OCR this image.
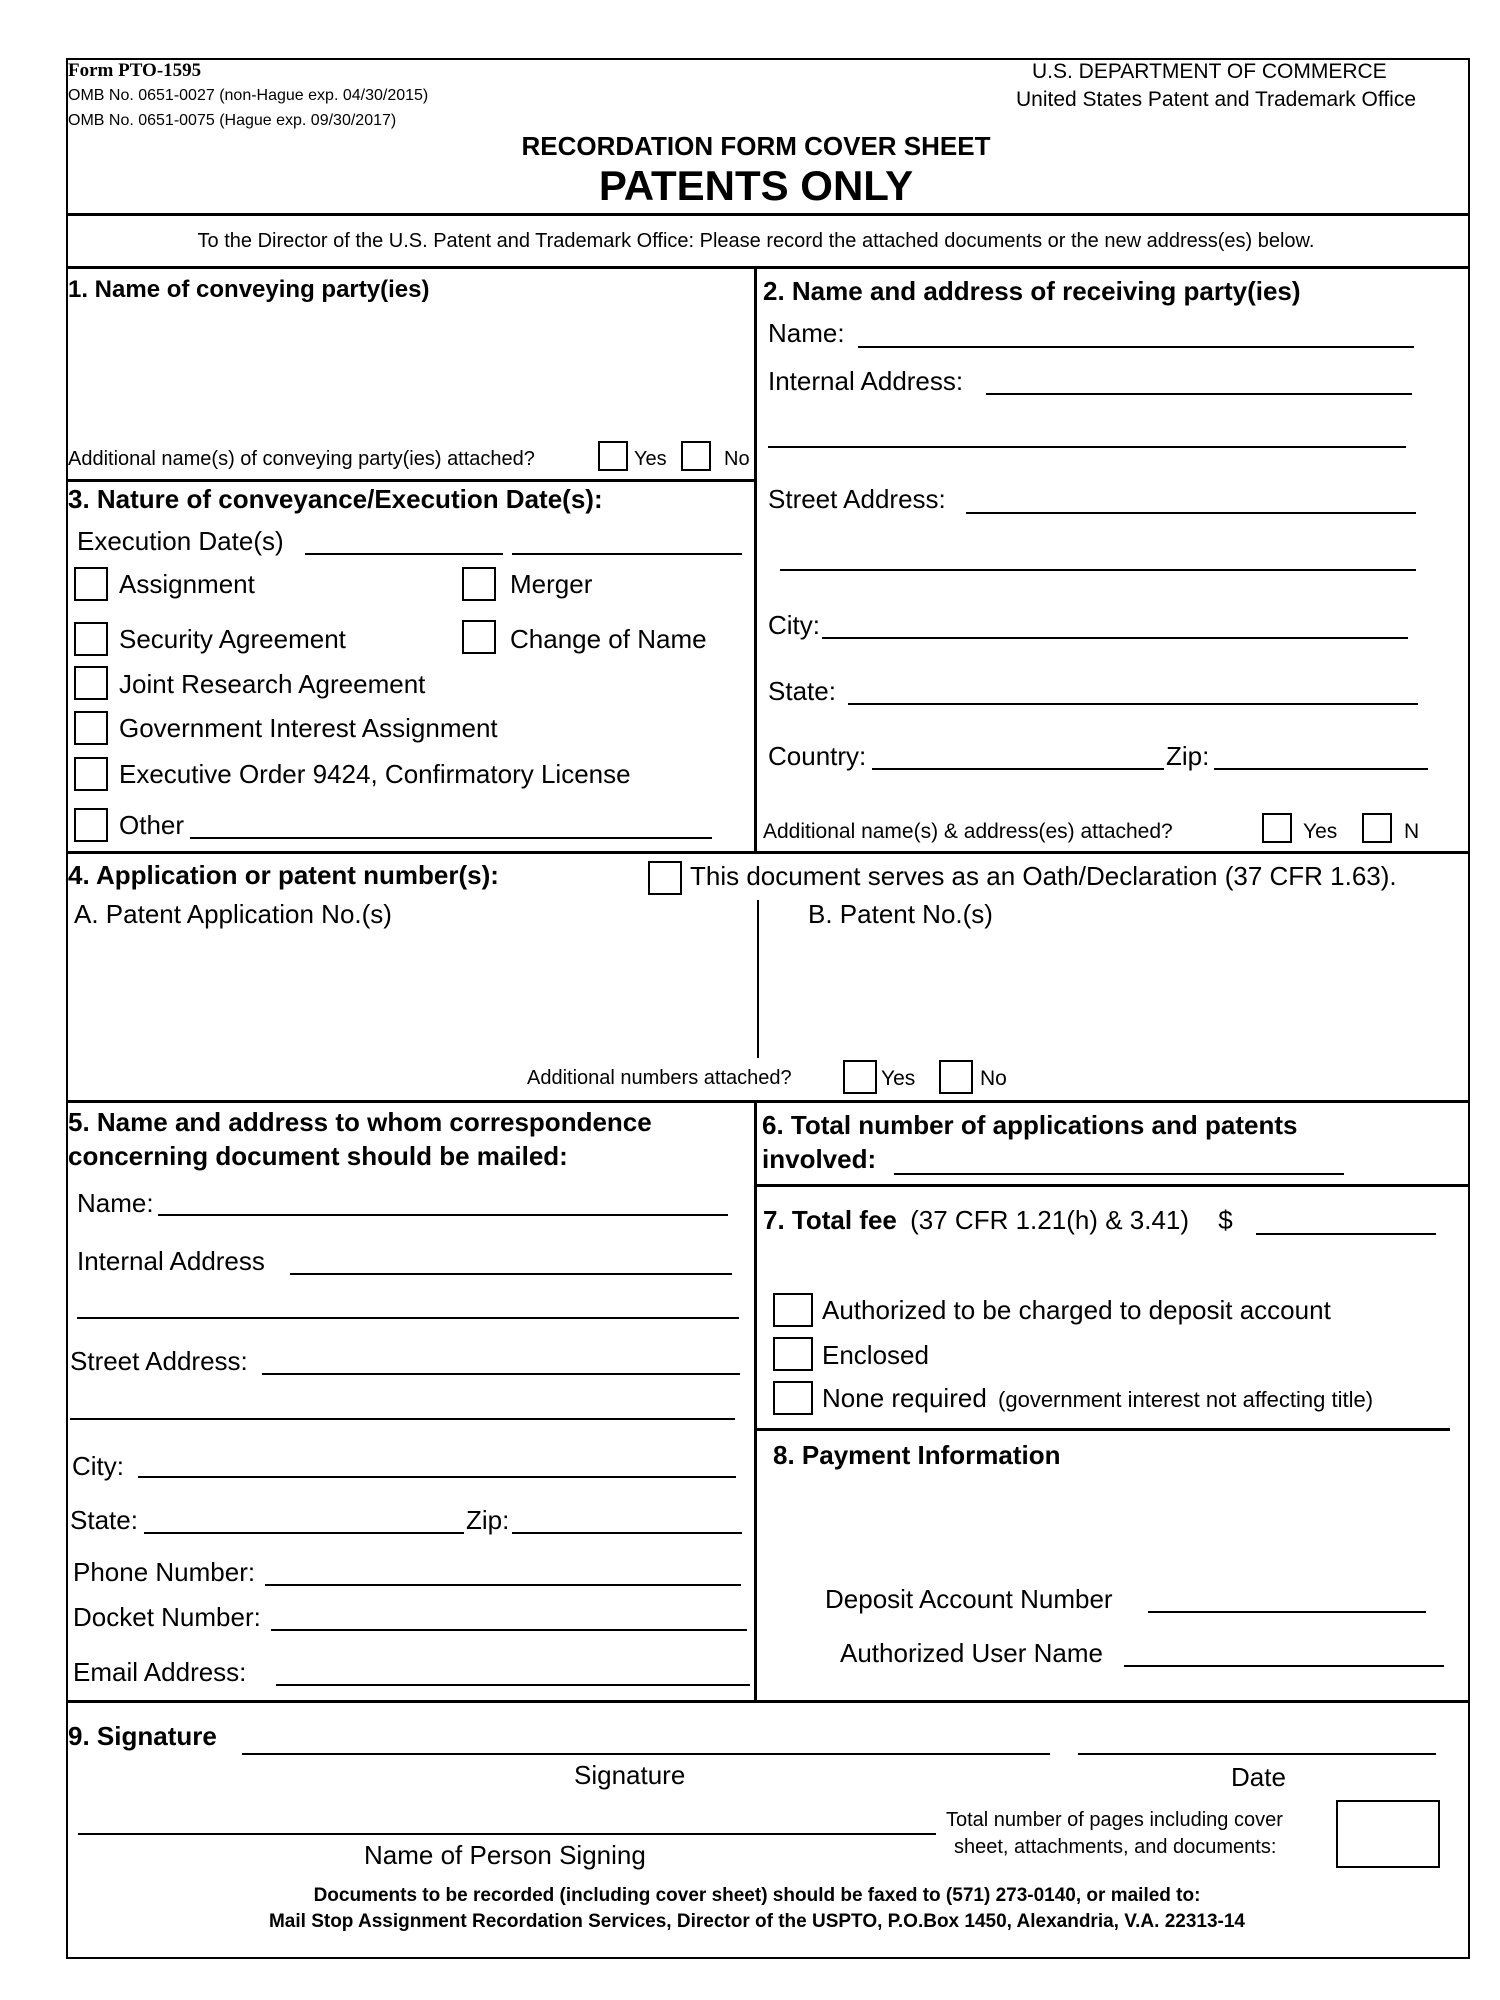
Form PTO-1595
OMB No. 0651-0027 (non-Hague exp. 04/30/2015)
OMB No. 0651-0075 (Hague exp. 09/30/2017)
U.S. DEPARTMENT OF COMMERCE
United States Patent and Trademark Office
RECORDATION FORM COVER SHEET
PATENTS ONLY
To the Director of the U.S. Patent and Trademark Office: Please record the attached documents or the new address(es) below.
1. Name of conveying party(ies)
Additional name(s) of conveying party(ies) attached?	Yes	No
2. Name and address of receiving party(ies)
Name:
Internal Address:
Street Address:
City:
State:
Country:	Zip:
Additional name(s) & address(es) attached?	Yes	N
3. Nature of conveyance/Execution Date(s):
Execution Date(s)
Assignment	Merger
Security Agreement	Change of Name
Joint Research Agreement
Government Interest Assignment
Executive Order 9424, Confirmatory License
Other
4. Application or patent number(s):	This document serves as an Oath/Declaration (37 CFR 1.63).
A. Patent Application No.(s)	B. Patent No.(s)
Additional numbers attached?	Yes	No
5. Name and address to whom correspondence
concerning document should be mailed:
Name:
Internal Address
Street Address:
City:
State:	Zip:
Phone Number:
Docket Number:
Email Address:
6. Total number of applications and patents
involved:
7. Total fee (37 CFR 1.21(h) & 3.41) $
Authorized to be charged to deposit account
Enclosed
None required (government interest not affecting title)
8. Payment Information
Deposit Account Number
Authorized User Name
9. Signature
Signature	Date
Name of Person Signing
Total number of pages including cover
sheet, attachments, and documents:
Documents to be recorded (including cover sheet) should be faxed to (571) 273-0140, or mailed to:
Mail Stop Assignment Recordation Services, Director of the USPTO, P.O.Box 1450, Alexandria, V.A. 22313-14
